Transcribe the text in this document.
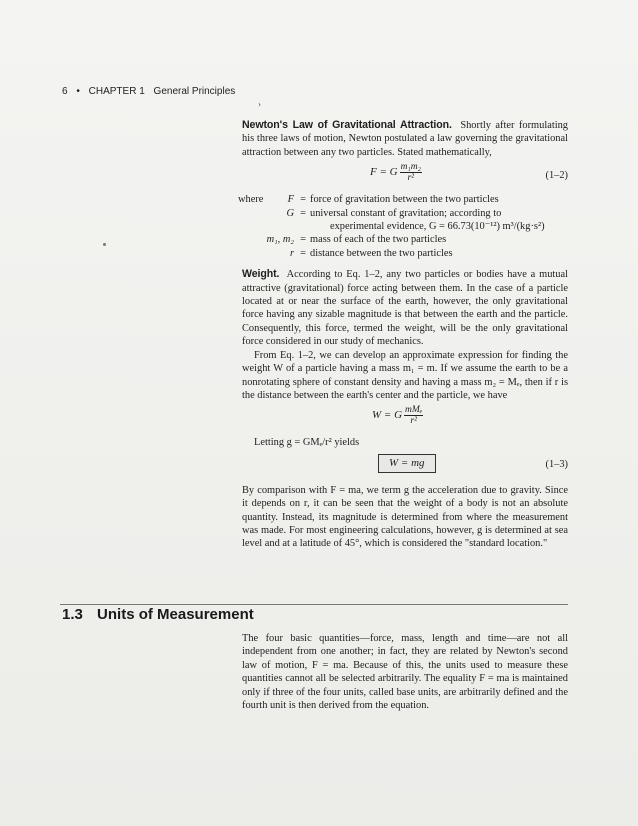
6 • CHAPTER 1 General Principles
›

Newton's Law of Gravitational Attraction. Shortly after formulating his three laws of motion, Newton postulated a law governing the gravitational attraction between any two particles. Stated mathematically,

F = G $\frac{\text{m₁m₂}}{\text{r²}}$	(1–2)
where	F = force of gravitation between the two particles
G = universal constant of gravitation; according to
experimental evidence, G = 66.73(10⁻¹²) m³/(kg·s²)
m₁, m₂ = mass of each of the two particles
r = distance between the two particles

Weight. According to Eq. 1–2, any two particles or bodies have a mutual attractive (gravitational) force acting between them. In the case of a particle located at or near the surface of the earth, however, the only gravitational force having any sizable magnitude is that between the earth and the particle. Consequently, this force, termed the weight, will be the only gravitational force considered in our study of mechanics.

From Eq. 1–2, we can develop an approximate expression for finding the weight W of a particle having a mass m₁ = m. If we assume the earth to be a nonrotating sphere of constant density and having a mass m₂ = Mₑ, then if r is the distance between the earth's center and the particle, we have

W = G $\frac{\text{mMₑ}}{\text{r²}}$

Letting g = GMₑ/r² yields

W = mg	(1–3)

By comparison with F = ma, we term g the acceleration due to gravity. Since it depends on r, it can be seen that the weight of a body is not an absolute quantity. Instead, its magnitude is determined from where the measurement was made. For most engineering calculations, however, g is determined at sea level and at a latitude of 45°, which is considered the "standard location."

1.3 Units of Measurement
The four basic quantities—force, mass, length and time—are not all independent from one another; in fact, they are related by Newton's second law of motion, F = ma. Because of this, the units used to measure these quantities cannot all be selected arbitrarily. The equality F = ma is maintained only if three of the four units, called base units, are arbitrarily defined and the fourth unit is then derived from the equation.
